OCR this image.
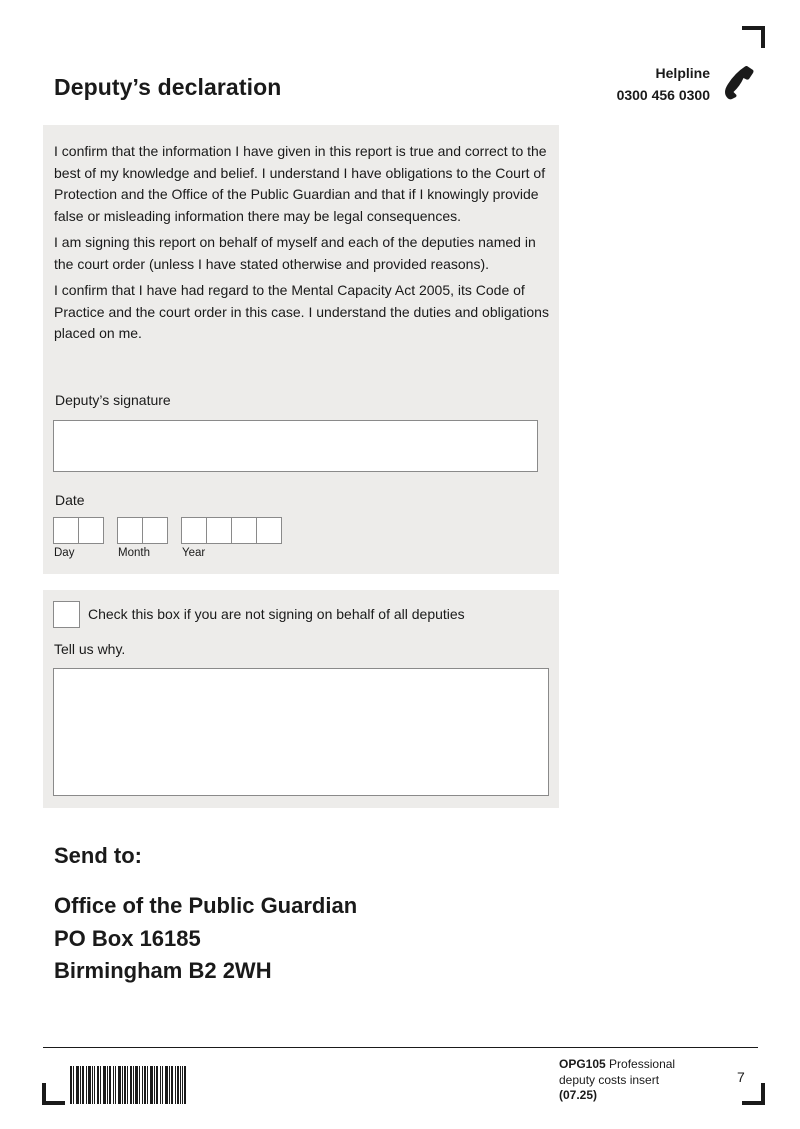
Deputy’s declaration
Helpline
0300 456 0300

I confirm that the information I have given in this report is true and correct to the best of my knowledge and belief. I understand I have obligations to the Court of Protection and the Office of the Public Guardian and that if I knowingly provide false or misleading information there may be legal consequences.

I am signing this report on behalf of myself and each of the deputies named in the court order (unless I have stated otherwise and provided reasons).

I confirm that I have had regard to the Mental Capacity Act 2005, its Code of Practice and the court order in this case. I understand the duties and obligations placed on me.

Deputy’s signature
Date
Day	Month	Year
Check this box if you are not signing on behalf of all deputies
Tell us why.
Send to:
Office of the Public Guardian
PO Box 16185
Birmingham B2 2WH
OPG105 Professional
deputy costs insert
(07.25)
7
